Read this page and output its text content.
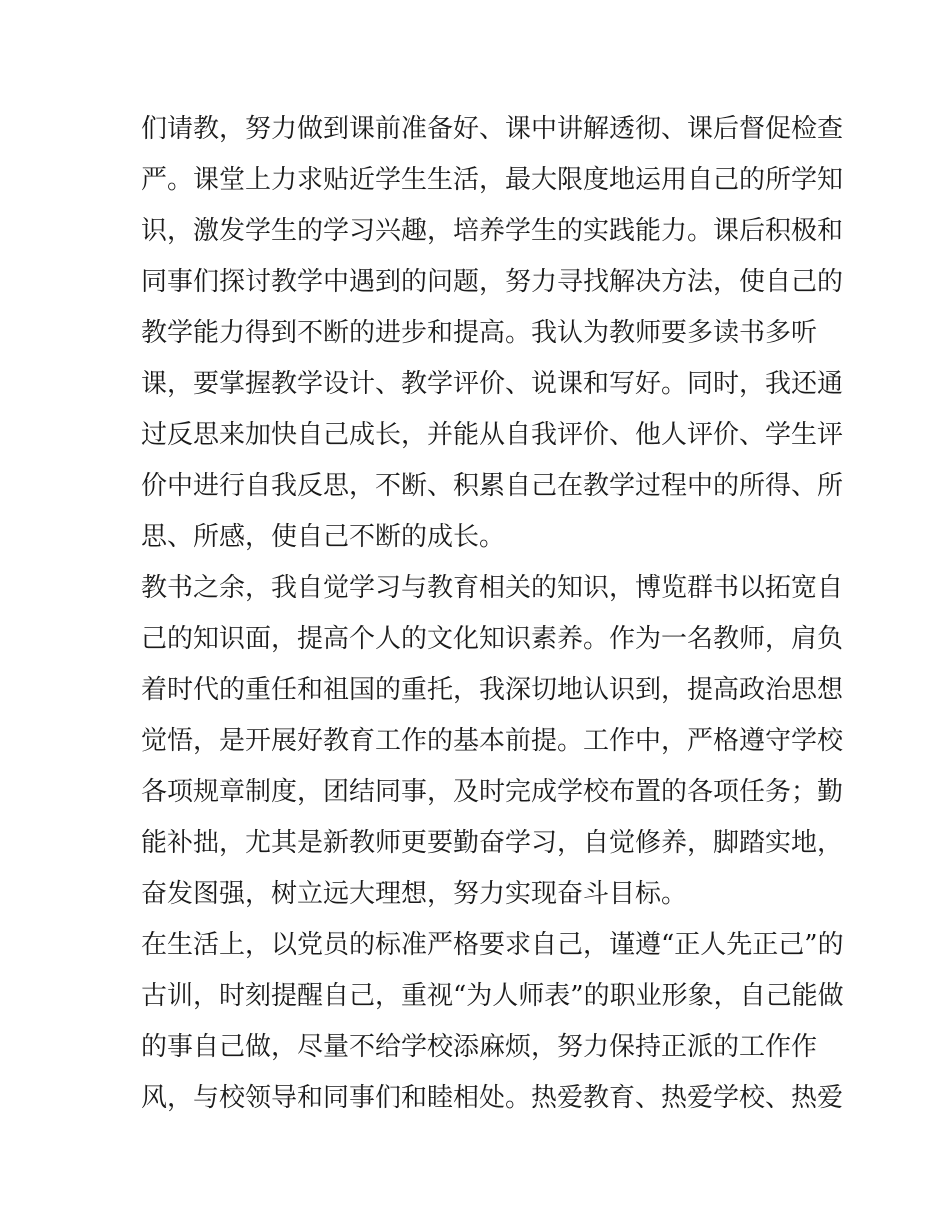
们请教，努力做到课前准备好、课中讲解透彻、课后督促检查
严。课堂上力求贴近学生生活，最大限度地运用自己的所学知
识，激发学生的学习兴趣，培养学生的实践能力。课后积极和
同事们探讨教学中遇到的问题，努力寻找解决方法，使自己的
教学能力得到不断的进步和提高。我认为教师要多读书多听
课，要掌握教学设计、教学评价、说课和写好。同时，我还通
过反思来加快自己成长，并能从自我评价、他人评价、学生评
价中进行自我反思，不断、积累自己在教学过程中的所得、所
思、所感，使自己不断的成长。
教书之余，我自觉学习与教育相关的知识，博览群书以拓宽自
己的知识面，提高个人的文化知识素养。作为一名教师，肩负
着时代的重任和祖国的重托，我深切地认识到，提高政治思想
觉悟，是开展好教育工作的基本前提。工作中，严格遵守学校
各项规章制度，团结同事，及时完成学校布置的各项任务；勤
能补拙，尤其是新教师更要勤奋学习，自觉修养，脚踏实地，
奋发图强，树立远大理想，努力实现奋斗目标。
在生活上，以党员的标准严格要求自己，谨遵“正人先正己”的
古训，时刻提醒自己，重视“为人师表”的职业形象，自己能做
的事自己做，尽量不给学校添麻烦，努力保持正派的工作作
风，与校领导和同事们和睦相处。热爱教育、热爱学校、热爱
